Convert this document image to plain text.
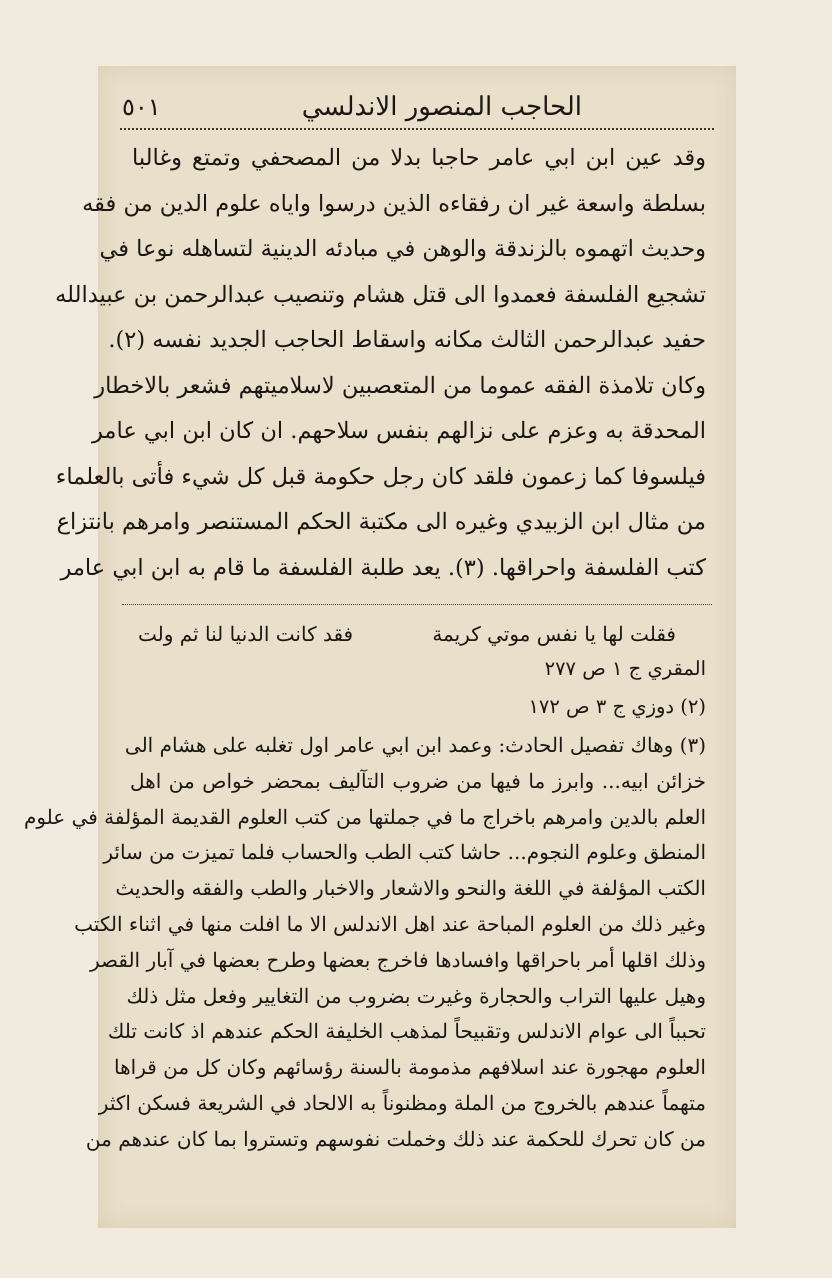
الحاجب المنصور الاندلسي
٥٠١
وقد عين ابن ابي عامر حاجبا بدلا من المصحفي وتمتع وغالبا
بسلطة واسعة غير ان رفقاءه الذين درسوا واياه علوم الدين من فقه
وحديث اتهموه بالزندقة والوهن في مبادئه الدينية لتساهله نوعا في
تشجيع الفلسفة فعمدوا الى قتل هشام وتنصيب عبدالرحمن بن عبيدالله
حفيد عبدالرحمن الثالث مكانه واسقاط الحاجب الجديد نفسه (٢).
وكان تلامذة الفقه عموما من المتعصبين لاسلاميتهم فشعر بالاخطار
المحدقة به وعزم على نزالهم بنفس سلاحهم. ان كان ابن ابي عامر
فيلسوفا كما زعمون فلقد كان رجل حكومة قبل كل شيء فأتى بالعلماء
من مثال ابن الزبيدي وغيره الى مكتبة الحكم المستنصر وامرهم بانتزاع
كتب الفلسفة واحراقها. (٣). يعد طلبة الفلسفة ما قام به ابن ابي عامر
فقلت لها يا نفس موتي كريمة
فقد كانت الدنيا لنا ثم ولت
المقري ج ١ ص ٢٧٧
(٢) دوزي ج ٣ ص ١٧٢
(٣) وهاك تفصيل الحادث: وعمد ابن ابي عامر اول تغلبه على هشام الى
خزائن ابيه... وابرز ما فيها من ضروب التآليف بمحضر خواص من اهل
العلم بالدين وامرهم باخراج ما في جملتها من كتب العلوم القديمة المؤلفة في علوم
المنطق وعلوم النجوم... حاشا كتب الطب والحساب فلما تميزت من سائر
الكتب المؤلفة في اللغة والنحو والاشعار والاخبار والطب والفقه والحديث
وغير ذلك من العلوم المباحة عند اهل الاندلس الا ما افلت منها في اثناء الكتب
وذلك اقلها أمر باحراقها وافسادها فاخرج بعضها وطرح بعضها في آبار القصر
وهيل عليها التراب والحجارة وغيرت بضروب من التغايير وفعل مثل ذلك
تحبباً الى عوام الاندلس وتقبيحاً لمذهب الخليفة الحكم عندهم اذ كانت تلك
العلوم مهجورة عند اسلافهم مذمومة بالسنة رؤسائهم وكان كل من قراها
متهماً عندهم بالخروج من الملة ومظنوناً به الالحاد في الشريعة فسكن اكثر
من كان تحرك للحكمة عند ذلك وخملت نفوسهم وتستروا بما كان عندهم من
